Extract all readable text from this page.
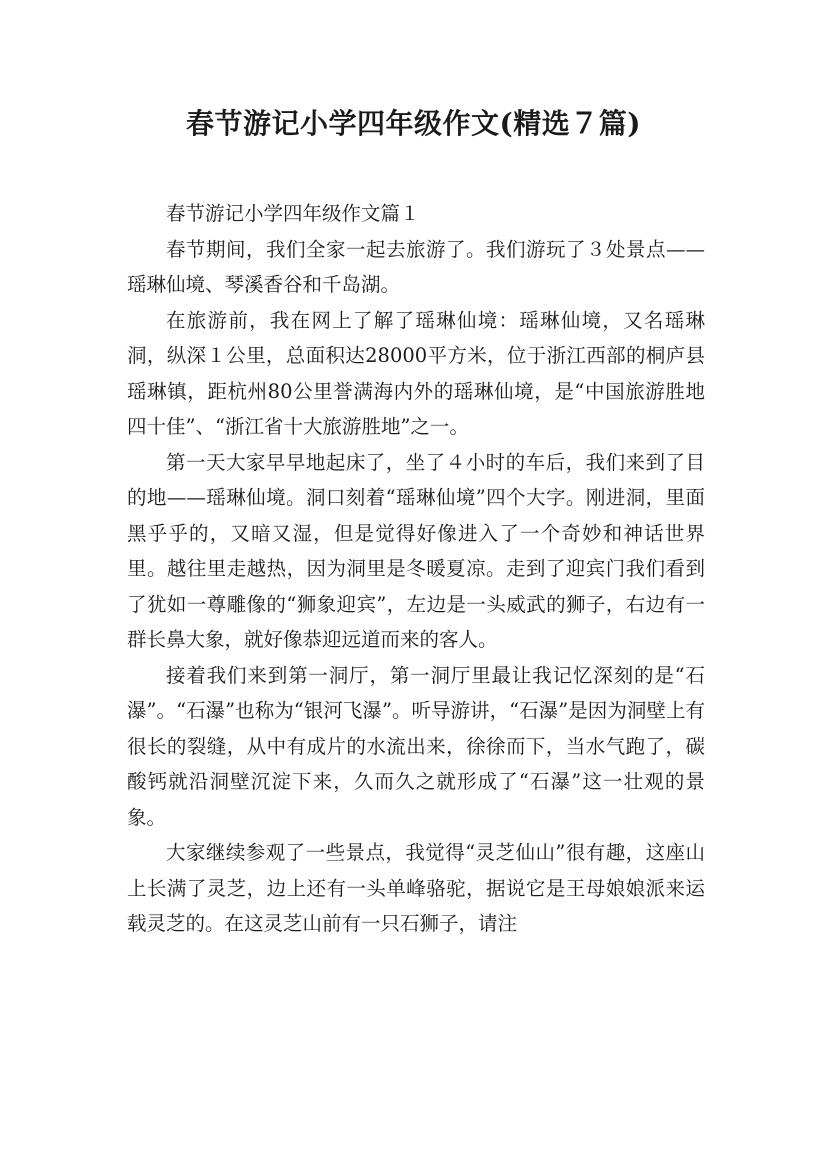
春节游记小学四年级作文(精选７篇)

春节游记小学四年级作文篇１

春节期间，我们全家一起去旅游了。我们游玩了３处景点——瑶琳仙境、琴溪香谷和千岛湖。

在旅游前，我在网上了解了瑶琳仙境：瑶琳仙境，又名瑶琳洞，纵深１公里，总面积达28000平方米，位于浙江西部的桐庐县瑶琳镇，距杭州80公里誉满海内外的瑶琳仙境，是“中国旅游胜地四十佳”、“浙江省十大旅游胜地”之一。

第一天大家早早地起床了，坐了４小时的车后，我们来到了目的地——瑶琳仙境。洞口刻着“瑶琳仙境”四个大字。刚进洞，里面黑乎乎的，又暗又湿，但是觉得好像进入了一个奇妙和神话世界里。越往里走越热，因为洞里是冬暖夏凉。走到了迎宾门我们看到了犹如一尊雕像的“狮象迎宾”，左边是一头威武的狮子，右边有一群长鼻大象，就好像恭迎远道而来的客人。

接着我们来到第一洞厅，第一洞厅里最让我记忆深刻的是“石瀑”。“石瀑”也称为“银河飞瀑”。听导游讲，“石瀑”是因为洞壁上有很长的裂缝，从中有成片的水流出来，徐徐而下，当水气跑了，碳酸钙就沿洞壁沉淀下来，久而久之就形成了“石瀑”这一壮观的景象。

大家继续参观了一些景点，我觉得“灵芝仙山”很有趣，这座山上长满了灵芝，边上还有一头单峰骆驼，据说它是王母娘娘派来运载灵芝的。在这灵芝山前有一只石狮子，请注
